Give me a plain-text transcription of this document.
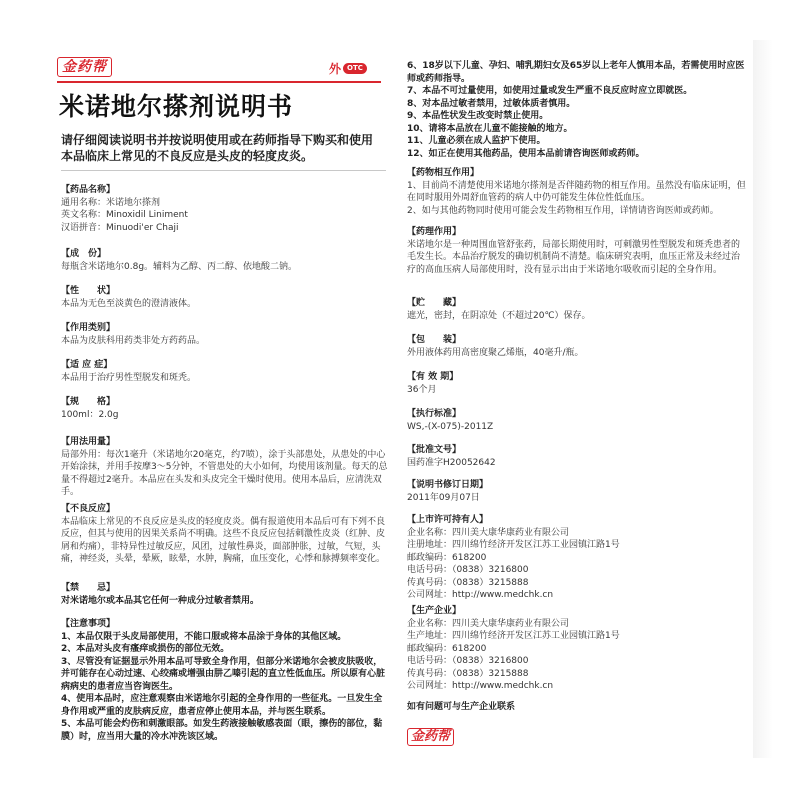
金药帮	外 OTC
米诺地尔搽剂说明书

请仔细阅读说明书并按说明使用或在药师指导下购买和使用
本品临床上常见的不良反应是头皮的轻度皮炎。

【药品名称】
通用名称：米诺地尔搽剂
英文名称：Minoxidil Liniment
汉语拼音：Minuodi'er Chaji
【成　份】
每瓶含米诺地尔0.8g。辅料为乙醇、丙二醇、依地酸二钠。
【性　　状】
本品为无色至淡黄色的澄清液体。
【作用类别】
本品为皮肤科用药类非处方药药品。
【适 应 症】
本品用于治疗男性型脱发和斑秃。
【规　　格】
100ml：2.0g
【用法用量】
局部外用：每次1毫升（米诺地尔20毫克，约7喷），涂于头部患处，从患处的中心开始涂抹，并用手按摩3～5分钟，不管患处的大小如何，均使用该剂量。每天的总量不得超过2毫升。本品应在头发和头皮完全干燥时使用。使用本品后，应清洗双手。
【不良反应】
本品临床上常见的不良反应是头皮的轻度皮炎。偶有报道使用本品后可有下列不良反应，但其与使用的因果关系尚不明确。这些不良反应包括刺激性皮炎（红肿、皮屑和灼痛），非特异性过敏反应，风团，过敏性鼻炎，面部肿胀，过敏，气短，头痛，神经炎，头晕，晕厥，眩晕，水肿，胸痛，血压变化，心悸和脉搏频率变化。
【禁　　忌】
对米诺地尔或本品其它任何一种成分过敏者禁用。
【注意事项】
1、本品仅限于头皮局部使用，不能口服或将本品涂于身体的其他区域。
2、本品对头皮有瘙痒或损伤的部位无效。
3、尽管没有证据显示外用本品可导致全身作用，但部分米诺地尔会被皮肤吸收，并可能存在心动过速、心绞痛或增强由肼乙嗪引起的直立性低血压。所以原有心脏病病史的患者应当咨询医生。
4、使用本品时，应注意观察由米诺地尔引起的全身作用的一些征兆。一旦发生全身作用或严重的皮肤病反应，患者应停止使用本品，并与医生联系。
5、本品可能会灼伤和刺激眼部。如发生药液接触敏感表面（眼，擦伤的部位，黏膜）时，应当用大量的冷水冲洗该区域。
6、18岁以下儿童、孕妇、哺乳期妇女及65岁以上老年人慎用本品，若需使用时应医师或药师指导。
7、本品不可过量使用，如使用过量或发生严重不良反应时应立即就医。
8、对本品过敏者禁用，过敏体质者慎用。
9、本品性状发生改变时禁止使用。
10、请将本品放在儿童不能接触的地方。
11、儿童必须在成人监护下使用。
12、如正在使用其他药品，使用本品前请咨询医师或药师。
【药物相互作用】
1、目前尚不清楚使用米诺地尔搽剂是否伴随药物的相互作用。虽然没有临床证明，但在同时服用外周舒血管药的病人中仍可能发生体位性低血压。
2、如与其他药物同时使用可能会发生药物相互作用，详情请咨询医师或药师。
【药理作用】
米诺地尔是一种周围血管舒张药，局部长期使用时，可刺激男性型脱发和斑秃患者的毛发生长。本品治疗脱发的确切机制尚不清楚。临床研究表明，血压正常及未经过治疗的高血压病人局部使用时，没有显示出由于米诺地尔吸收而引起的全身作用。
【贮　　藏】
遮光，密封，在阴凉处（不超过20℃）保存。
【包　　装】
外用液体药用高密度聚乙烯瓶，40毫升/瓶。
【有 效 期】
36个月
【执行标准】
WS,-(X-075)-2011Z
【批准文号】
国药准字H20052642
【说明书修订日期】
2011年09月07日
【上市许可持有人】
企业名称：四川美大康华康药业有限公司
注册地址：四川绵竹经济开发区江苏工业园镇江路1号
邮政编码：618200
电话号码：（0838）3216800
传真号码：（0838）3215888
公司网址：http://www.medchk.cn
【生产企业】
企业名称：四川美大康华康药业有限公司
生产地址：四川绵竹经济开发区江苏工业园镇江路1号
邮政编码：618200
电话号码：（0838）3216800
传真号码：（0838）3215888
公司网址：http://www.medchk.cn
如有问题可与生产企业联系
金药帮
